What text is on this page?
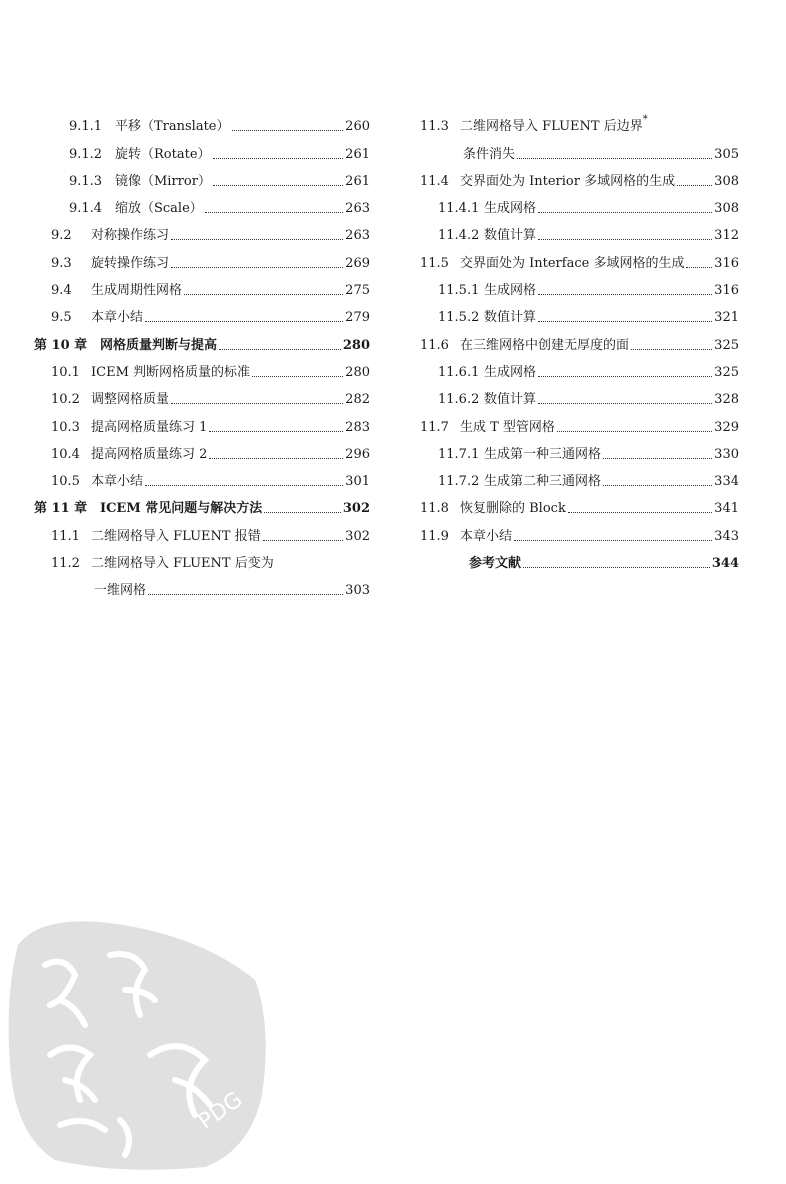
9.1.1 平移（Translate）	260
9.1.2 旋转（Rotate）	261
9.1.3 镜像（Mirror）	261
9.1.4 缩放（Scale）	263
9.2	对称操作练习	263
9.3	旋转操作练习	269
9.4	生成周期性网格	275
9.5	本章小结	279
第 10 章 网格质量判断与提高	280
10.1 ICEM 判断网格质量的标准	280
10.2 调整网格质量	282
10.3 提高网格质量练习 1	283
10.4 提高网格质量练习 2	296
10.5 本章小结	301
第 11 章 ICEM 常见问题与解决方法	302
11.1 二维网格导入 FLUENT 报错	302
11.2 二维网格导入 FLUENT 后变为
一维网格	303
11.3 二维网格导入 FLUENT 后边界*
条件消失	305
11.4 交界面处为 Interior 多域网格的生成	308
11.4.1 生成网格	308
11.4.2 数值计算	312
11.5 交界面处为 Interface 多域网格的生成 316
11.5.1 生成网格	316
11.5.2 数值计算	321
11.6 在三维网格中创建无厚度的面	325
11.6.1 生成网格	325
11.6.2 数值计算	328
11.7 生成 T 型管网格	329
11.7.1 生成第一种三通网格	330
11.7.2 生成第二种三通网格	334
11.8 恢复删除的 Block	341
11.9 本章小结	343
参考文献	344
PDG
